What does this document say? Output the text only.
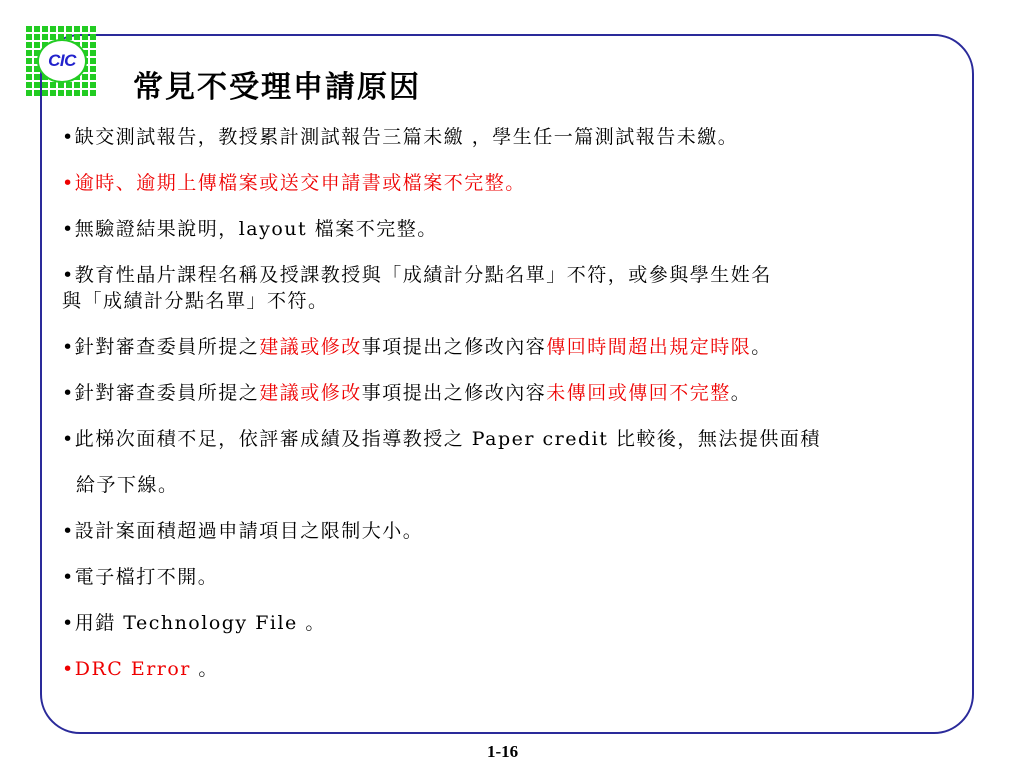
CIC
常見不受理申請原因

•缺交測試報告，教授累計測試報告三篇未繳 ，學生任一篇測試報告未繳。

•逾時、逾期上傳檔案或送交申請書或檔案不完整。

•無驗證結果說明，layout 檔案不完整。

•教育性晶片課程名稱及授課教授與「成績計分點名單」不符，或參與學生姓名
與「成績計分點名單」不符。

•針對審查委員所提之建議或修改事項提出之修改內容傳回時間超出規定時限。

•針對審查委員所提之建議或修改事項提出之修改內容未傳回或傳回不完整。

•此梯次面積不足，依評審成績及指導教授之 Paper credit 比較後，無法提供面積
給予下線。

•設計案面積超過申請項目之限制大小。

•電子檔打不開。

•用錯 Technology File 。

•DRC Error 。

1-16
